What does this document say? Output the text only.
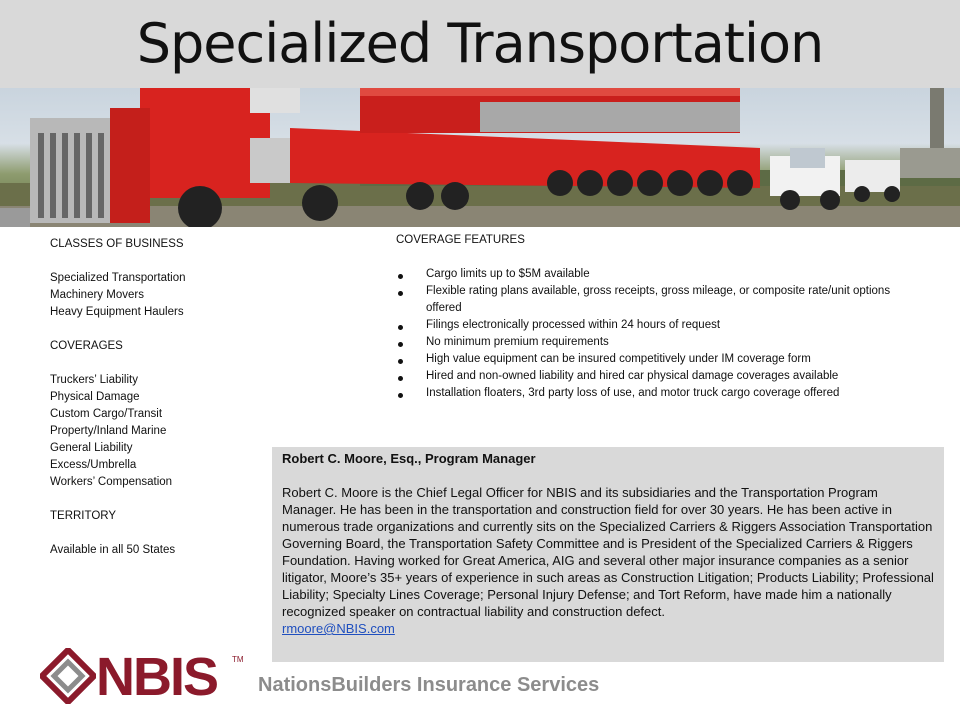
Specialized Transportation
CLASSES OF BUSINESS
Specialized Transportation
Machinery Movers
Heavy Equipment Haulers
COVERAGES
Truckers’ Liability
Physical Damage
Custom Cargo/Transit
Property/Inland Marine
General Liability
Excess/Umbrella
Workers’ Compensation
TERRITORY
Available in all 50 States
COVERAGE FEATURES
Cargo limits up to $5M available
Flexible rating plans available, gross receipts, gross mileage, or composite rate/unit options offered
Filings electronically processed within 24 hours of request
No minimum premium requirements
High value equipment can be insured competitively under IM coverage form
Hired and non-owned liability and hired car physical damage coverages available
Installation floaters, 3rd party loss of use, and motor truck cargo coverage offered
Robert C. Moore, Esq., Program Manager
Robert C. Moore is the Chief Legal Officer for NBIS and its subsidiaries and the Transportation Program Manager. He has been in the transportation and construction field for over 30 years. He has been active in numerous trade organizations and currently sits on the Specialized Carriers & Riggers Association Transportation Governing Board, the Transportation Safety Committee and is President of the Specialized Carriers & Riggers Foundation. Having worked for Great America, AIG and several other major insurance companies as a senior litigator, Moore’s 35+ years of experience in such areas as Construction Litigation; Products Liability; Professional Liability; Specialty Lines Coverage; Personal Injury Defense; and Tort Reform, have made him a nationally recognized speaker on contractual liability and construction defect.rmoore@NBIS.com
NBIS TM
NationsBuilders Insurance Services
